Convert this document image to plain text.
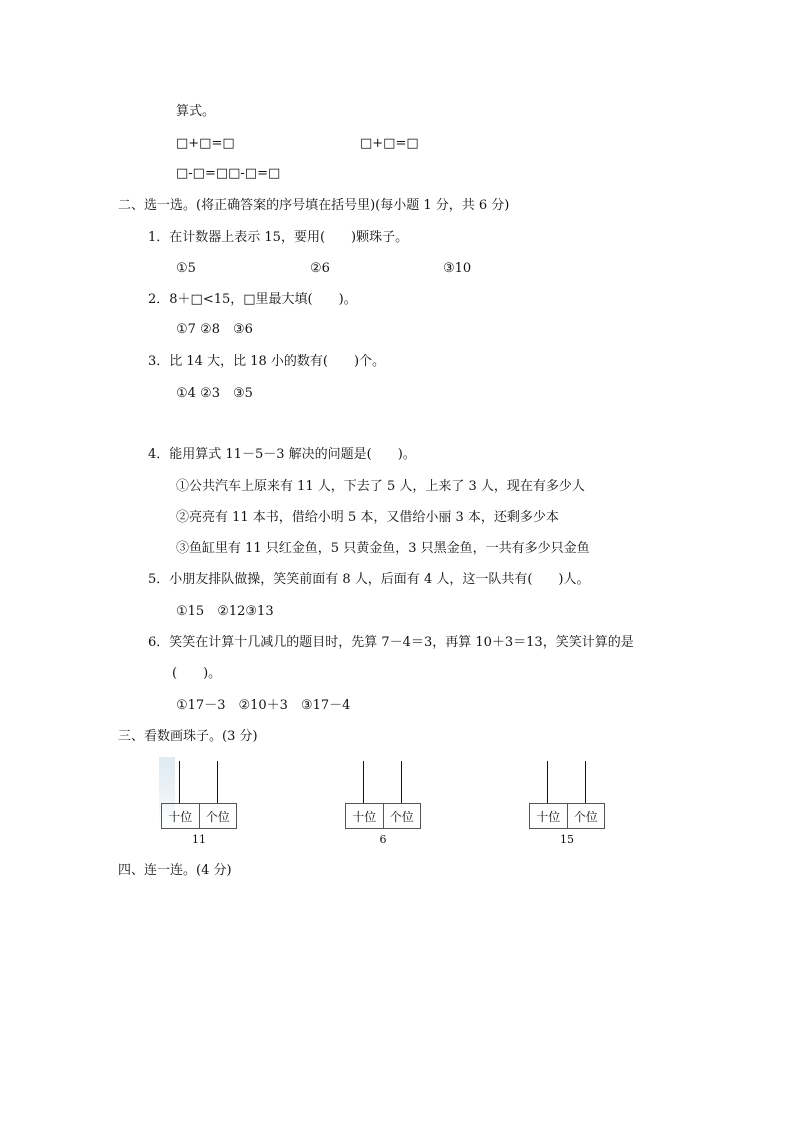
算式。
□+□=□	□+□=□
□-□=□□-□=□
二、选一选。(将正确答案的序号填在括号里)(每小题 1 分，共 6 分)
1．在计数器上表示 15，要用(　　)颗珠子。
①5	②6	③10
2．8＋□<15，□里最大填(　　)。
①7 ②8　③6
3．比 14 大，比 18 小的数有(　　)个。
①4 ②3　③5
4．能用算式 11－5－3 解决的问题是(　　)。
①公共汽车上原来有 11 人，下去了 5 人，上来了 3 人，现在有多少人
②亮亮有 11 本书，借给小明 5 本，又借给小丽 3 本，还剩多少本
③鱼缸里有 11 只红金鱼，5 只黄金鱼，3 只黑金鱼，一共有多少只金鱼
5．小朋友排队做操，笑笑前面有 8 人，后面有 4 人，这一队共有(　　)人。
①15　②12③13
6．笑笑在计算十几减几的题目时，先算 7－4＝3，再算 10＋3＝13，笑笑计算的是
(　　)。
①17－3　②10＋3　③17－4
三、看数画珠子。(3 分)
十位	个位
11
十位	个位
6
十位	个位
15
四、连一连。(4 分)
